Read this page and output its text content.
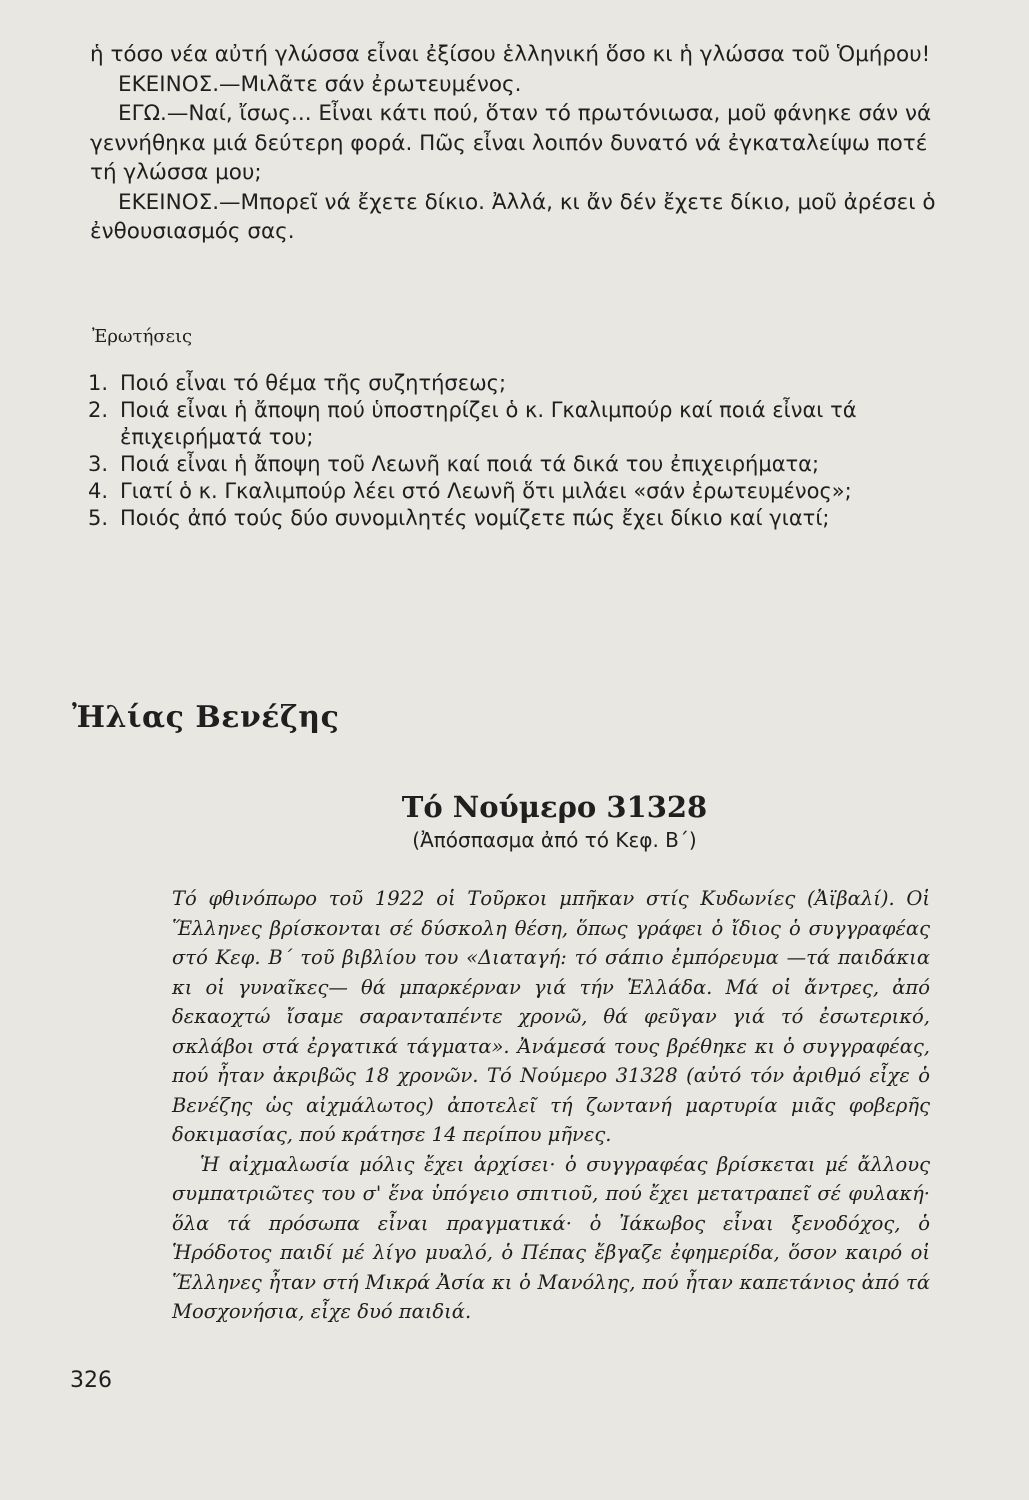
ἡ τόσο νέα αὐτή γλώσσα εἶναι ἐξίσου ἑλληνική ὅσο κι ἡ γλώσσα τοῦ Ὁμήρου!

ΕΚΕΙΝΟΣ.—Μιλᾶτε σάν ἐρωτευμένος.

ΕΓΩ.—Ναί, ἴσως... Εἶναι κάτι πού, ὅταν τό πρωτόνιωσα, μοῦ φάνηκε σάν νά γεννήθηκα μιά δεύτερη φορά. Πῶς εἶναι λοιπόν δυνατό νά ἐγκαταλείψω ποτέ τή γλώσσα μου;

ΕΚΕΙΝΟΣ.—Μπορεῖ νά ἔχετε δίκιο. Ἀλλά, κι ἄν δέν ἔχετε δίκιο, μοῦ ἀρέσει ὁ ἐνθουσιασμός σας.

Ἐρωτήσεις
1. Ποιό εἶναι τό θέμα τῆς συζητήσεως;
2. Ποιά εἶναι ἡ ἄποψη πού ὑποστηρίζει ὁ κ. Γκαλιμπούρ καί ποιά εἶναι τά ἐπιχειρήματά του;
3. Ποιά εἶναι ἡ ἄποψη τοῦ Λεωνῆ καί ποιά τά δικά του ἐπιχειρήματα;
4. Γιατί ὁ κ. Γκαλιμπούρ λέει στό Λεωνῆ ὅτι μιλάει «σάν ἐρωτευμένος»;
5. Ποιός ἀπό τούς δύο συνομιλητές νομίζετε πώς ἔχει δίκιο καί γιατί;
Ἠλίας Βενέζης
Τό Νούμερο 31328
(Ἀπόσπασμα ἀπό τό Κεφ. Β΄)

Τό φθινόπωρο τοῦ 1922 οἱ Τοῦρκοι μπῆκαν στίς Κυδωνίες (Ἀϊβαλί). Οἱ Ἕλληνες βρίσκονται σέ δύσκολη θέση, ὅπως γράφει ὁ ἴδιος ὁ συγγραφέας στό Κεφ. Β΄ τοῦ βιβλίου του «Διαταγή: τό σάπιο ἐμπόρευμα —τά παιδάκια κι οἱ γυναῖκες— θά μπαρκέρναν γιά τήν Ἑλλάδα. Μά οἱ ἄντρες, ἀπό δεκαοχτώ ἴσαμε σαρανταπέντε χρονῶ, θά φεῦγαν γιά τό ἐσωτερικό, σκλάβοι στά ἐργατικά τάγματα». Ἀνάμεσά τους βρέθηκε κι ὁ συγγραφέας, πού ἦταν ἀκριβῶς 18 χρονῶν. Τό Νούμερο 31328 (αὐτό τόν ἀριθμό εἶχε ὁ Βενέζης ὡς αἰχμάλωτος) ἀποτελεῖ τή ζωντανή μαρτυρία μιᾶς φοβερῆς δοκιμασίας, πού κράτησε 14 περίπου μῆνες.

Ἡ αἰχμαλωσία μόλις ἔχει ἀρχίσει· ὁ συγγραφέας βρίσκεται μέ ἄλλους συμπατριῶτες του σ' ἕνα ὑπόγειο σπιτιοῦ, πού ἔχει μετατραπεῖ σέ φυλακή· ὅλα τά πρόσωπα εἶναι πραγματικά· ὁ Ἰάκωβος εἶναι ξενοδόχος, ὁ Ἡρόδοτος παιδί μέ λίγο μυαλό, ὁ Πέπας ἔβγαζε ἐφημερίδα, ὅσον καιρό οἱ Ἕλληνες ἦταν στή Μικρά Ἀσία κι ὁ Μανόλης, πού ἦταν καπετάνιος ἀπό τά Μοσχονήσια, εἶχε δυό παιδιά.

326
